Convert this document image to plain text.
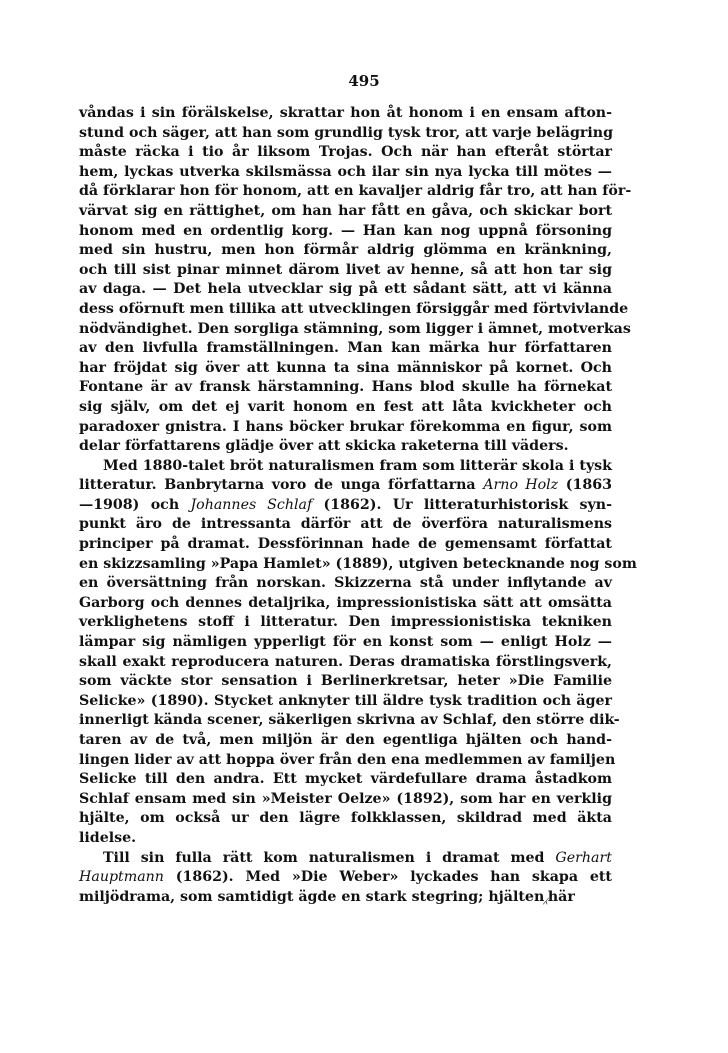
495
våndas i sin förälskelse, skrattar hon åt honom i en ensam afton-
stund och säger, att han som grundlig tysk tror, att varje belägring
måste räcka i tio år liksom Trojas. Och när han efteråt störtar
hem, lyckas utverka skilsmässa och ilar sin nya lycka till mötes —
då förklarar hon för honom, att en kavaljer aldrig får tro, att han för-
värvat sig en rättighet, om han har fått en gåva, och skickar bort
honom med en ordentlig korg. — Han kan nog uppnå försoning
med sin hustru, men hon förmår aldrig glömma en kränkning,
och till sist pinar minnet därom livet av henne, så att hon tar sig
av daga. — Det hela utvecklar sig på ett sådant sätt, att vi känna
dess oförnuft men tillika att utvecklingen försiggår med förtvivlande
nödvändighet. Den sorgliga stämning, som ligger i ämnet, motverkas
av den livfulla framställningen. Man kan märka hur författaren
har fröjdat sig över att kunna ta sina människor på kornet. Och
Fontane är av fransk härstamning. Hans blod skulle ha förnekat
sig själv, om det ej varit honom en fest att låta kvickheter och
paradoxer gnistra. I hans böcker brukar förekomma en figur, som
delar författarens glädje över att skicka raketerna till väders.
Med 1880-talet bröt naturalismen fram som litterär skola i tysk
litteratur. Banbrytarna voro de unga författarna Arno Holz (1863
—1908) och Johannes Schlaf (1862). Ur litteraturhistorisk syn-
punkt äro de intressanta därför att de överföra naturalismens
principer på dramat. Dessförinnan hade de gemensamt författat
en skizzsamling »Papa Hamlet» (1889), utgiven betecknande nog som
en översättning från norskan. Skizzerna stå under inflytande av
Garborg och dennes detaljrika, impressionistiska sätt att omsätta
verklighetens stoff i litteratur. Den impressionistiska tekniken
lämpar sig nämligen ypperligt för en konst som — enligt Holz —
skall exakt reproducera naturen. Deras dramatiska förstlingsverk,
som väckte stor sensation i Berlinerkretsar, heter »Die Familie
Selicke» (1890). Stycket anknyter till äldre tysk tradition och äger
innerligt kända scener, säkerligen skrivna av Schlaf, den större dik-
taren av de två, men miljön är den egentliga hjälten och hand-
lingen lider av att hoppa över från den ena medlemmen av familjen
Selicke till den andra. Ett mycket värdefullare drama åstadkom
Schlaf ensam med sin »Meister Oelze» (1892), som har en verklig
hjälte, om också ur den lägre folkklassen, skildrad med äkta
lidelse.
Till sin fulla rätt kom naturalismen i dramat med Gerhart
Hauptmann (1862). Med »Die Weber» lyckades han skapa ett
miljödrama, som samtidigt ägde en stark stegring; hjälten⁁här
